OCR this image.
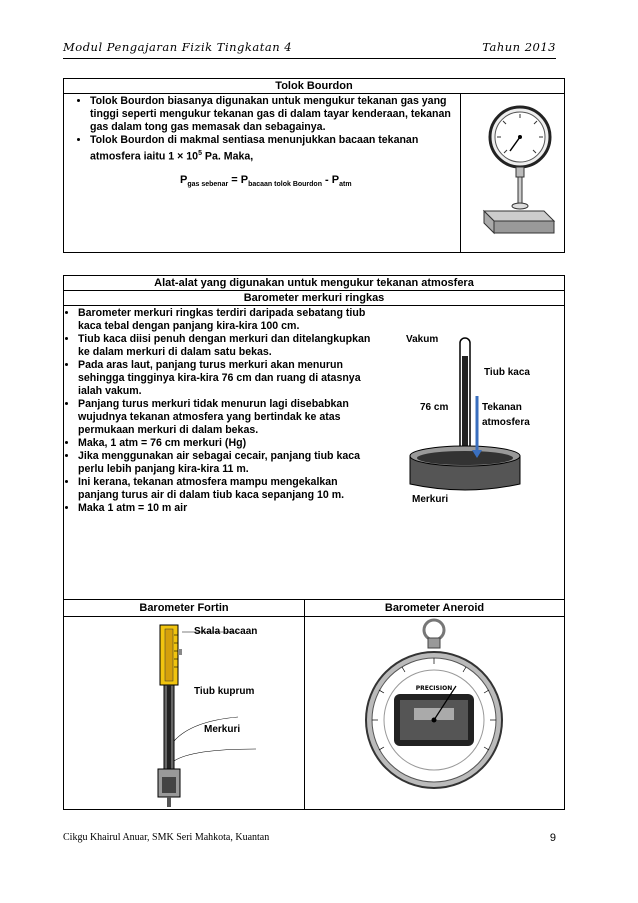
Modul Pengajaran Fizik Tingkatan 4	Tahun 2013
Tolok Bourdon
• Tolok Bourdon biasanya digunakan untuk mengukur tekanan gas yang tinggi seperti mengukur tekanan gas di dalam tayar kenderaan, tekanan gas dalam tong gas memasak dan sebagainya.
• Tolok Bourdon di makmal sentiasa menunjukkan bacaan tekanan atmosfera iaitu $1 \times 10^5$ Pa. Maka,
$P_{gas sebenar} = P_{bacaan tolok Bourdon} - P_{atm}$
Alat-alat yang digunakan untuk mengukur tekanan atmosfera
Barometer merkuri ringkas
• Barometer merkuri ringkas terdiri daripada sebatang tiub kaca tebal dengan panjang kira-kira 100 cm.
• Tiub kaca diisi penuh dengan merkuri dan ditelangkupkan ke dalam merkuri di dalam satu bekas.
• Pada aras laut, panjang turus merkuri akan menurun sehingga tingginya kira-kira 76 cm dan ruang di atasnya ialah vakum.
• Panjang turus merkuri tidak menurun lagi disebabkan wujudnya tekanan atmosfera yang bertindak ke atas permukaan merkuri di dalam bekas.
• Maka, 1 atm = 76 cm merkuri (Hg)
• Jika menggunakan air sebagai cecair, panjang tiub kaca perlu lebih panjang kira-kira 11 m.
• Ini kerana, tekanan atmosfera mampu mengekalkan panjang turus air di dalam tiub kaca sepanjang 10 m.
• Maka 1 atm = 10 m air
Vakum
Tiub kaca
76 cm	Tekanan
atmosfera
Merkuri
Barometer Fortin	Barometer Aneroid
Skala bacaan
Tiub kuprum
Merkuri
PRECISION
Cikgu Khairul Anuar, SMK Seri Mahkota, Kuantan	9
